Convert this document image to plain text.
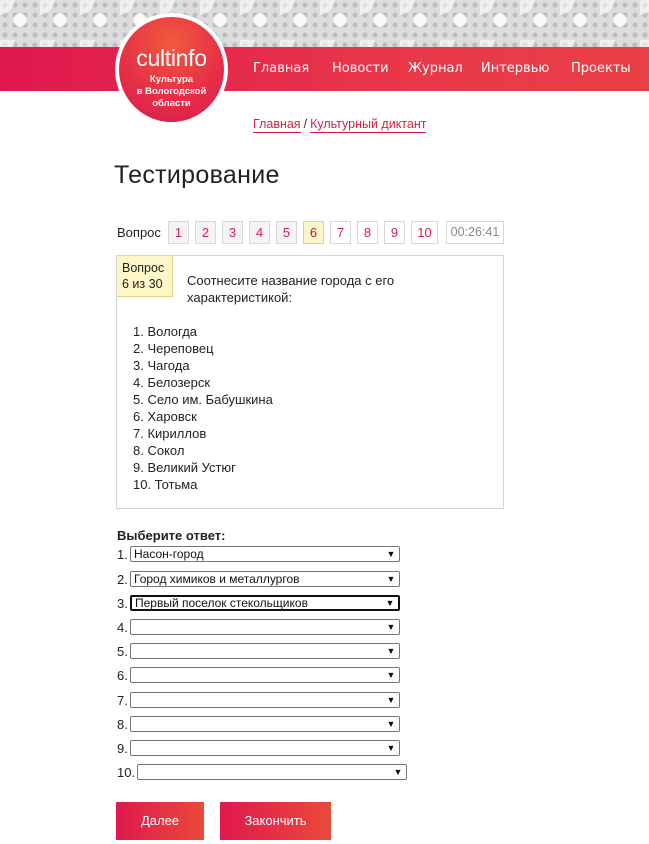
Главная Новости Журнал Интервью Проекты
cultinfo
Культура
в Вологодской
области
Главная / Культурный диктант
Тестирование
Вопрос	1	2	3	4	5	6	7	8	9	10	00:26:41
Вопрос
6 из 30	Соотнесите название города с его характеристикой:
1. Вологда
2. Череповец
3. Чагода
4. Белозерск
5. Село им. Бабушкина
6. Харовск
7. Кириллов
8. Сокол
9. Великий Устюг
10. Тотьма
Выберите ответ:
1. Насон-город	▼
2. Город химиков и металлургов	▼
3. Первый поселок стекольщиков	▼
4.	▼
5.	▼
6.	▼
7.	▼
8.	▼
9.	▼
10.	▼
Далее	Закончить
